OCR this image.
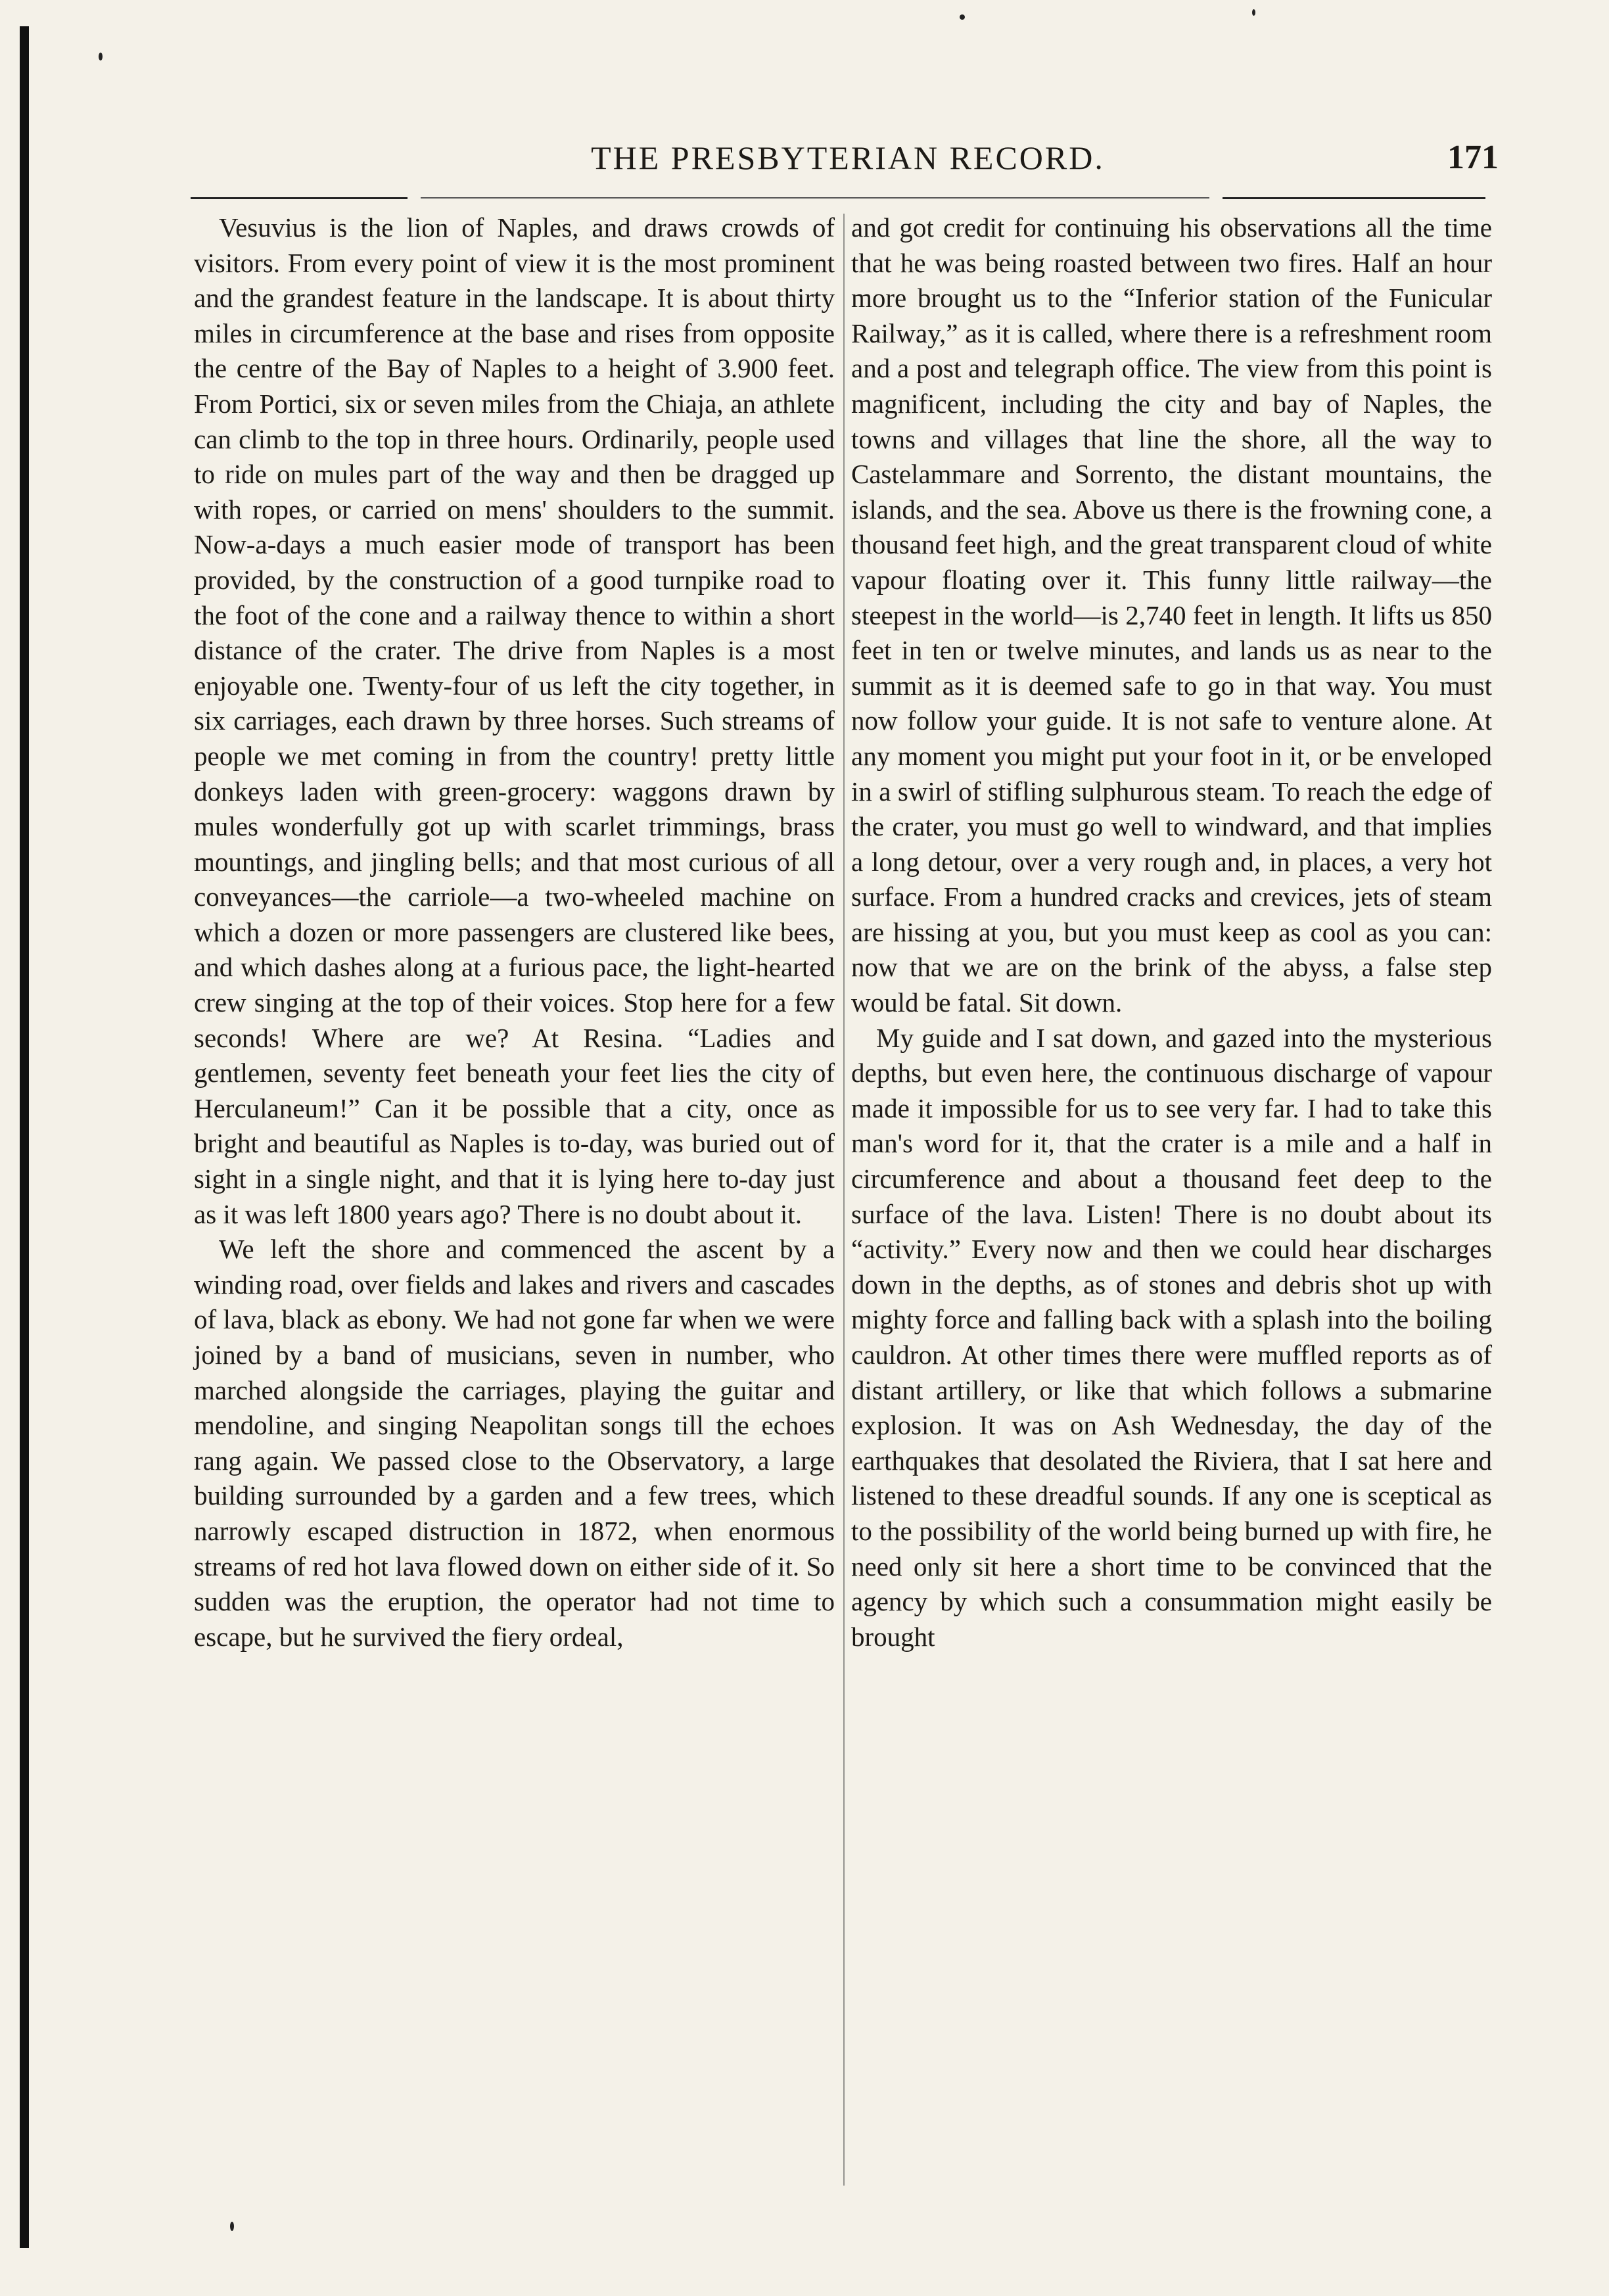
THE PRESBYTERIAN RECORD.	171

Vesuvius is the lion of Naples, and draws crowds of visitors. From every point of view it is the most prominent and the grandest feature in the landscape. It is about thirty miles in circumference at the base and rises from opposite the centre of the Bay of Naples to a height of 3.900 feet. From Portici, six or seven miles from the Chiaja, an athlete can climb to the top in three hours. Ordinarily, people used to ride on mules part of the way and then be dragged up with ropes, or carried on mens' shoulders to the summit. Now-a-days a much easier mode of transport has been provided, by the construction of a good turnpike road to the foot of the cone and a railway thence to within a short distance of the crater. The drive from Naples is a most enjoyable one. Twenty-four of us left the city together, in six carriages, each drawn by three horses. Such streams of people we met coming in from the country! pretty little donkeys laden with green-grocery: waggons drawn by mules wonderfully got up with scarlet trimmings, brass mountings, and jingling bells; and that most curious of all conveyances—the carriole—a two-wheeled machine on which a dozen or more passengers are clustered like bees, and which dashes along at a furious pace, the light-hearted crew singing at the top of their voices. Stop here for a few seconds! Where are we? At Resina. “Ladies and gentlemen, seventy feet beneath your feet lies the city of Herculaneum!” Can it be possible that a city, once as bright and beautiful as Naples is to-day, was buried out of sight in a single night, and that it is lying here to-day just as it was left 1800 years ago? There is no doubt about it.

We left the shore and commenced the ascent by a winding road, over fields and lakes and rivers and cascades of lava, black as ebony. We had not gone far when we were joined by a band of musicians, seven in number, who marched alongside the carriages, playing the guitar and mendoline, and singing Neapolitan songs till the echoes rang again. We passed close to the Observatory, a large building surrounded by a garden and a few trees, which narrowly escaped distruction in 1872, when enormous streams of red hot lava flowed down on either side of it. So sudden was the eruption, the operator had not time to escape, but he survived the fiery ordeal,

and got credit for continuing his observations all the time that he was being roasted between two fires. Half an hour more brought us to the “Inferior station of the Funicular Railway,” as it is called, where there is a refreshment room and a post and telegraph office. The view from this point is magnificent, including the city and bay of Naples, the towns and villages that line the shore, all the way to Castelammare and Sorrento, the distant mountains, the islands, and the sea. Above us there is the frowning cone, a thousand feet high, and the great transparent cloud of white vapour floating over it. This funny little railway—the steepest in the world—is 2,740 feet in length. It lifts us 850 feet in ten or twelve minutes, and lands us as near to the summit as it is deemed safe to go in that way. You must now follow your guide. It is not safe to venture alone. At any moment you might put your foot in it, or be enveloped in a swirl of stifling sulphurous steam. To reach the edge of the crater, you must go well to windward, and that implies a long detour, over a very rough and, in places, a very hot surface. From a hundred cracks and crevices, jets of steam are hissing at you, but you must keep as cool as you can: now that we are on the brink of the abyss, a false step would be fatal. Sit down.

My guide and I sat down, and gazed into the mysterious depths, but even here, the continuous discharge of vapour made it impossible for us to see very far. I had to take this man's word for it, that the crater is a mile and a half in circumference and about a thousand feet deep to the surface of the lava. Listen! There is no doubt about its “activity.” Every now and then we could hear discharges down in the depths, as of stones and debris shot up with mighty force and falling back with a splash into the boiling cauldron. At other times there were muffled reports as of distant artillery, or like that which follows a submarine explosion. It was on Ash Wednesday, the day of the earthquakes that desolated the Riviera, that I sat here and listened to these dreadful sounds. If any one is sceptical as to the possibility of the world being burned up with fire, he need only sit here a short time to be convinced that the agency by which such a consummation might easily be brought
